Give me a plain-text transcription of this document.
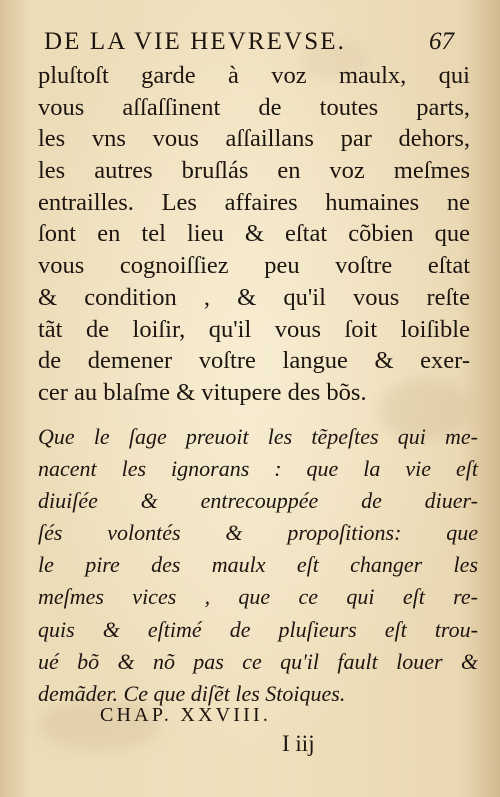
DE LA VIE HEVREVSE.	67
pluſtoſt garde à voz maulx, qui
vous aſſaſſinent de toutes parts,
les vns vous aſſaillans par dehors,
les autres bruſlás en voz meſmes
entrailles. Les affaires humaines ne
ſont en tel lieu & eſtat cõbien que
vous cognoiſſiez peu voſtre eſtat
& condition , & qu'il vous reſte
tãt de loiſir, qu'il vous ſoit loiſible
de demener voſtre langue & exer-
cer au blaſme & vitupere des bõs.
Que le ſage preuoit les tẽpeſtes qui me-
nacent les ignorans : que la vie eſt
diuiſée & entrecouppée de diuer-
ſés volontés & propoſitions: que
le pire des maulx eſt changer les
meſmes vices , que ce qui eſt re-
quis & eſtimé de pluſieurs eſt trou-
ué bõ & nõ pas ce qu'il fault louer &
demãder. Ce que diſẽt les Stoiques.
CHAP. XXVIII.
I iij
